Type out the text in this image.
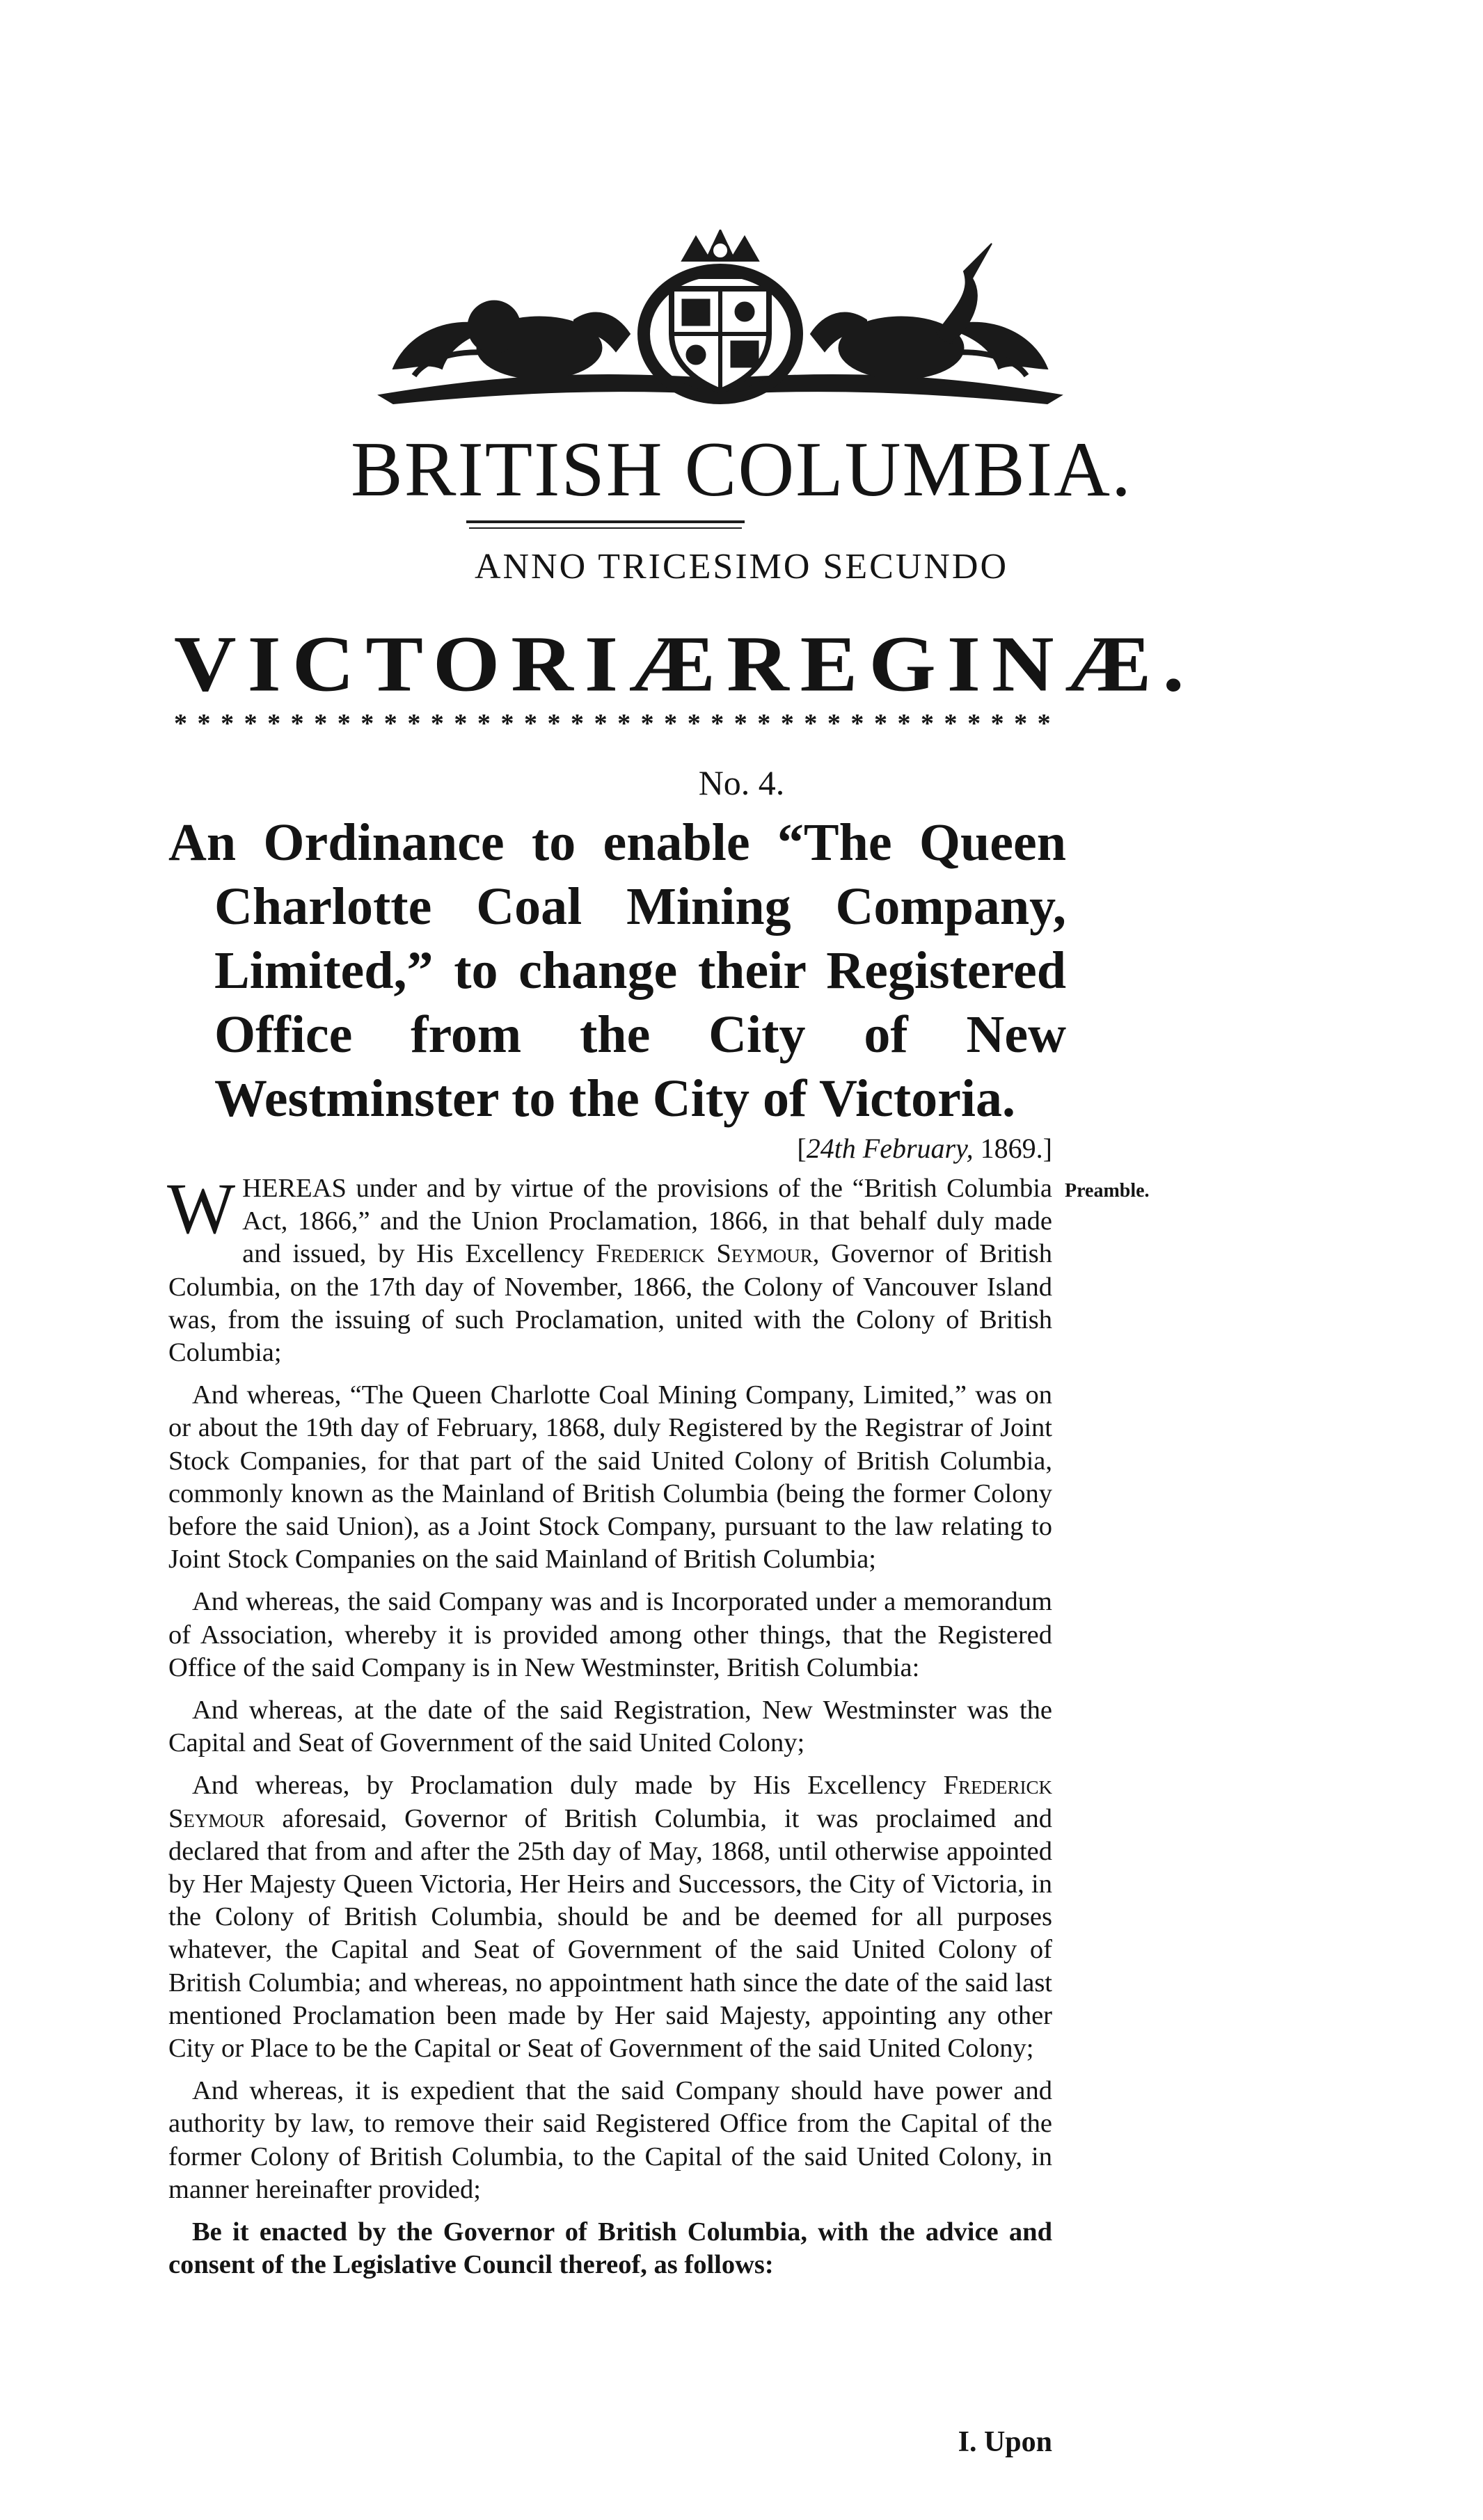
BRITISH COLUMBIA.
ANNO TRICESIMO SECUNDO
VICTORIÆ REGINÆ.
* * * * * * * * * * * * * * * * * * * * * * * * * * * * * * * * * * * * * *
No. 4.
An Ordinance to enable “The Queen Charlotte Coal Mining Company, Limited,” to change their Registered Office from the City of New Westminster to the City of Victoria.
[24th February, 1869.]
Preamble.

WHEREAS under and by virtue of the provisions of the “British Columbia Act, 1866,” and the Union Proclamation, 1866, in that behalf duly made and issued, by His Excellency Frederick Seymour, Governor of British Columbia, on the 17th day of November, 1866, the Colony of Vancouver Island was, from the issuing of such Proclamation, united with the Colony of British Columbia;

And whereas, “The Queen Charlotte Coal Mining Company, Limited,” was on or about the 19th day of February, 1868, duly Registered by the Registrar of Joint Stock Companies, for that part of the said United Colony of British Columbia, commonly known as the Mainland of British Columbia (being the former Colony before the said Union), as a Joint Stock Company, pursuant to the law relating to Joint Stock Companies on the said Mainland of British Columbia;

And whereas, the said Company was and is Incorporated under a memorandum of Association, whereby it is provided among other things, that the Registered Office of the said Company is in New Westminster, British Columbia:

And whereas, at the date of the said Registration, New Westminster was the Capital and Seat of Government of the said United Colony;

And whereas, by Proclamation duly made by His Excellency Frederick Seymour aforesaid, Governor of British Columbia, it was proclaimed and declared that from and after the 25th day of May, 1868, until otherwise appointed by Her Majesty Queen Victoria, Her Heirs and Successors, the City of Victoria, in the Colony of British Columbia, should be and be deemed for all purposes whatever, the Capital and Seat of Government of the said United Colony of British Columbia; and whereas, no appointment hath since the date of the said last mentioned Proclamation been made by Her said Majesty, appointing any other City or Place to be the Capital or Seat of Government of the said United Colony;

And whereas, it is expedient that the said Company should have power and authority by law, to remove their said Registered Office from the Capital of the former Colony of British Columbia, to the Capital of the said United Colony, in manner hereinafter provided;

Be it enacted by the Governor of British Columbia, with the advice and consent of the Legislative Council thereof, as follows:

I. Upon
